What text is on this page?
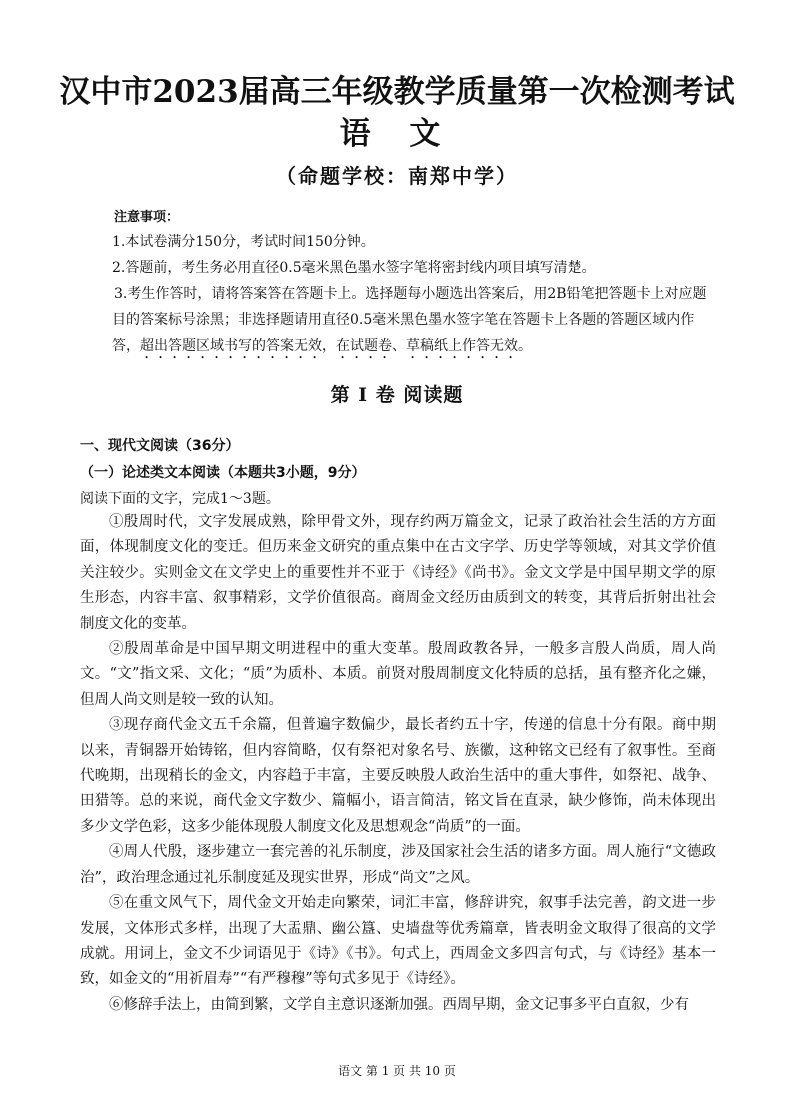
汉中市2023届高三年级教学质量第一次检测考试
语 文
（命题学校：南郑中学）
注意事项：
1.本试卷满分150分，考试时间150分钟。
2.答题前，考生务必用直径0.5毫米黑色墨水签字笔将密封线内项目填写清楚。
3.考生作答时，请将答案答在答题卡上。选择题每小题选出答案后，用2B铅笔把答题卡上对应题目的答案标号涂黑；非选择题请用直径0.5毫米黑色墨水签字笔在答题卡上各题的答题区域内作答，超出答题区域书写的答案无效，在试题卷、草稿纸上作答无效。
第 I 卷 阅读题
一、现代文阅读（36分）
（一）论述类文本阅读（本题共3小题，9分）
阅读下面的文字，完成1～3题。

①殷周时代，文字发展成熟，除甲骨文外，现存约两万篇金文，记录了政治社会生活的方方面面，体现制度文化的变迁。但历来金文研究的重点集中在古文字学、历史学等领域，对其文学价值关注较少。实则金文在文学史上的重要性并不亚于《诗经》《尚书》。金文文学是中国早期文学的原生形态，内容丰富、叙事精彩，文学价值很高。商周金文经历由质到文的转变，其背后折射出社会制度文化的变革。

②殷周革命是中国早期文明进程中的重大变革。殷周政教各异，一般多言殷人尚质，周人尚文。“文”指文采、文化；“质”为质朴、本质。前贤对殷周制度文化特质的总括，虽有整齐化之嫌，但周人尚文则是较一致的认知。

③现存商代金文五千余篇，但普遍字数偏少，最长者约五十字，传递的信息十分有限。商中期以来，青铜器开始铸铭，但内容简略，仅有祭祀对象名号、族徽，这种铭文已经有了叙事性。至商代晚期，出现稍长的金文，内容趋于丰富，主要反映殷人政治生活中的重大事件，如祭祀、战争、田猎等。总的来说，商代金文字数少、篇幅小，语言简洁，铭文旨在直录，缺少修饰，尚未体现出多少文学色彩，这多少能体现殷人制度文化及思想观念“尚质”的一面。

④周人代殷，逐步建立一套完善的礼乐制度，涉及国家社会生活的诸多方面。周人施行“文德政治”，政治理念通过礼乐制度延及现实世界，形成“尚文”之风。

⑤在重文风气下，周代金文开始走向繁荣，词汇丰富，修辞讲究，叙事手法完善，韵文进一步发展，文体形式多样，出现了大盂鼎、幽公簋、史墙盘等优秀篇章，皆表明金文取得了很高的文学成就。用词上，金文不少词语见于《诗》《书》。句式上，西周金文多四言句式，与《诗经》基本一致，如金文的“用祈眉寿”“有严穆穆”等句式多见于《诗经》。

⑥修辞手法上，由简到繁，文学自主意识逐渐加强。西周早期，金文记事多平白直叙，少有

语文 第 1 页 共 10 页
